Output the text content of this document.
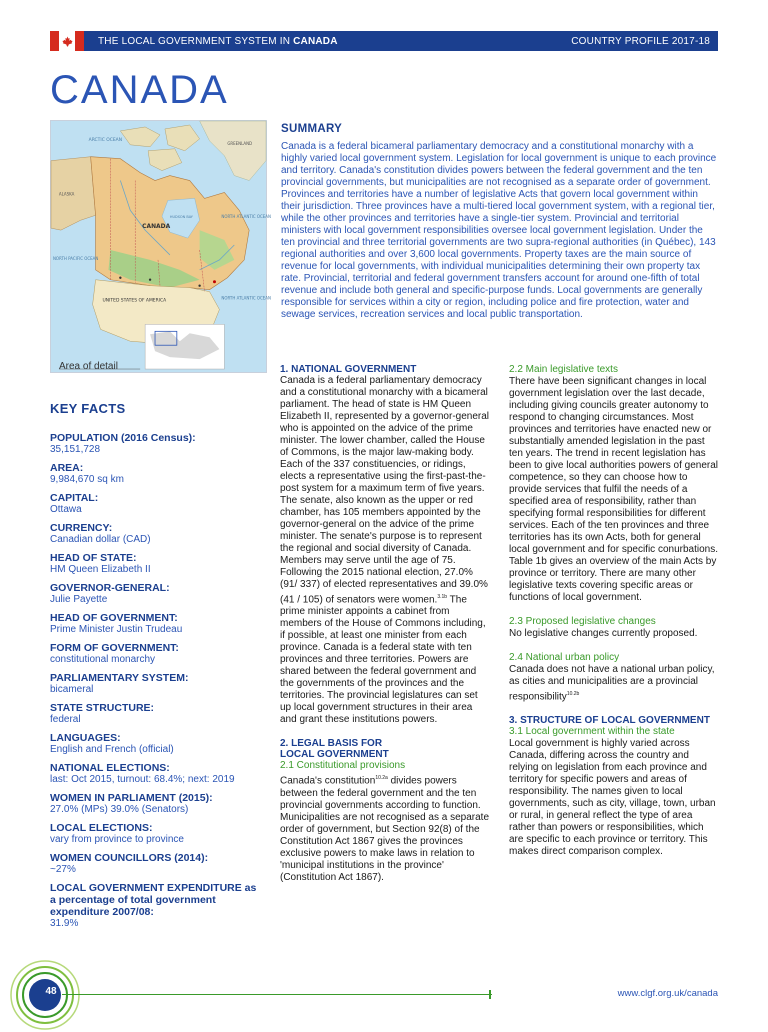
THE LOCAL GOVERNMENT SYSTEM IN CANADA	COUNTRY PROFILE 2017-18
CANADA
ARCTIC OCEAN
ALASKA
GREENLAND
CANADA
HUDSON BAY
NORTH PACIFIC OCEAN
NORTH ATLANTIC OCEAN
UNITED STATES OF AMERICA
NORTH ATLANTIC OCEAN
Area of detail
KEY FACTS
POPULATION (2016 Census):
35,151,728
AREA:
9,984,670 sq km
CAPITAL:
Ottawa
CURRENCY:
Canadian dollar (CAD)
HEAD OF STATE:
HM Queen Elizabeth II
GOVERNOR-GENERAL:
Julie Payette
HEAD OF GOVERNMENT:
Prime Minister Justin Trudeau
FORM OF GOVERNMENT:
constitutional monarchy
PARLIAMENTARY SYSTEM:
bicameral
STATE STRUCTURE:
federal
LANGUAGES:
English and French (official)
NATIONAL ELECTIONS:
last: Oct 2015, turnout: 68.4%; next: 2019
WOMEN IN PARLIAMENT (2015):
27.0% (MPs) 39.0% (Senators)
LOCAL ELECTIONS:
vary from province to province
WOMEN COUNCILLORS (2014):
~27%
LOCAL GOVERNMENT EXPENDITURE as a percentage of total government expenditure 2007/08:
31.9%
SUMMARY
Canada is a federal bicameral parliamentary democracy and a constitutional monarchy with a highly varied local government system. Legislation for local government is unique to each province and territory. Canada's constitution divides powers between the federal government and the ten provincial governments, but municipalities are not recognised as a separate order of government. Provinces and territories have a number of legislative Acts that govern local government within their jurisdiction. Three provinces have a multi-tiered local government system, with a regional tier, while the other provinces and territories have a single-tier system. Provincial and territorial ministers with local government responsibilities oversee local government legislation. Under the ten provincial and three territorial governments are two supra-regional authorities (in Québec), 143 regional authorities and over 3,600 local governments. Property taxes are the main source of revenue for local governments, with individual municipalities determining their own property tax rate. Provincial, territorial and federal government transfers account for around one-fifth of total revenue and include both general and specific-purpose funds. Local governments are generally responsible for services within a city or region, including police and fire protection, water and sewage services, recreation services and local public transportation.
1. NATIONAL GOVERNMENT
Canada is a federal parliamentary democracy and a constitutional monarchy with a bicameral parliament. The head of state is HM Queen Elizabeth II, represented by a governor-general who is appointed on the advice of the prime minister. The lower chamber, called the House of Commons, is the major law-making body. Each of the 337 constituencies, or ridings, elects a representative using the first-past-the-post system for a maximum term of five years. The senate, also known as the upper or red chamber, has 105 members appointed by the governor-general on the advice of the prime minister. The senate's purpose is to represent the regional and social diversity of Canada. Members may serve until the age of 75. Following the 2015 national election, 27.0% (91/ 337) of elected representatives and 39.0% (41 / 105) of senators were women.$^{3.1b}$ The prime minister appoints a cabinet from members of the House of Commons including, if possible, at least one minister from each province. Canada is a federal state with ten provinces and three territories. Powers are shared between the federal government and the governments of the provinces and the territories. The provincial legislatures can set up local government structures in their area and grant these institutions powers.
2. LEGAL BASIS FOR
LOCAL GOVERNMENT
2.1 Constitutional provisions
Canada's constitution$^{10.2a}$ divides powers between the federal government and the ten provincial governments according to function. Municipalities are not recognised as a separate order of government, but Section 92(8) of the Constitution Act 1867 gives the provinces exclusive powers to make laws in relation to 'municipal institutions in the province' (Constitution Act 1867).
2.2 Main legislative texts
There have been significant changes in local government legislation over the last decade, including giving councils greater autonomy to respond to changing circumstances. Most provinces and territories have enacted new or substantially amended legislation in the past ten years. The trend in recent legislation has been to give local authorities powers of general competence, so they can choose how to provide services that fulfil the needs of a specified area of responsibility, rather than specifying formal responsibilities for different services. Each of the ten provinces and three territories has its own Acts, both for general local government and for specific conurbations. Table 1b gives an overview of the main Acts by province or territory. There are many other legislative texts covering specific areas or functions of local government.
2.3 Proposed legislative changes
No legislative changes currently proposed.
2.4 National urban policy
Canada does not have a national urban policy, as cities and municipalities are a provincial responsibility$^{10.2b}$
3. STRUCTURE OF LOCAL GOVERNMENT
3.1 Local government within the state
Local government is highly varied across Canada, differing across the country and relying on legislation from each province and territory for specific powers and areas of responsibility. The names given to local governments, such as city, village, town, urban or rural, in general reflect the type of area rather than powers or responsibilities, which are specific to each province or territory. This makes direct comparison complex.
48	www.clgf.org.uk/canada
